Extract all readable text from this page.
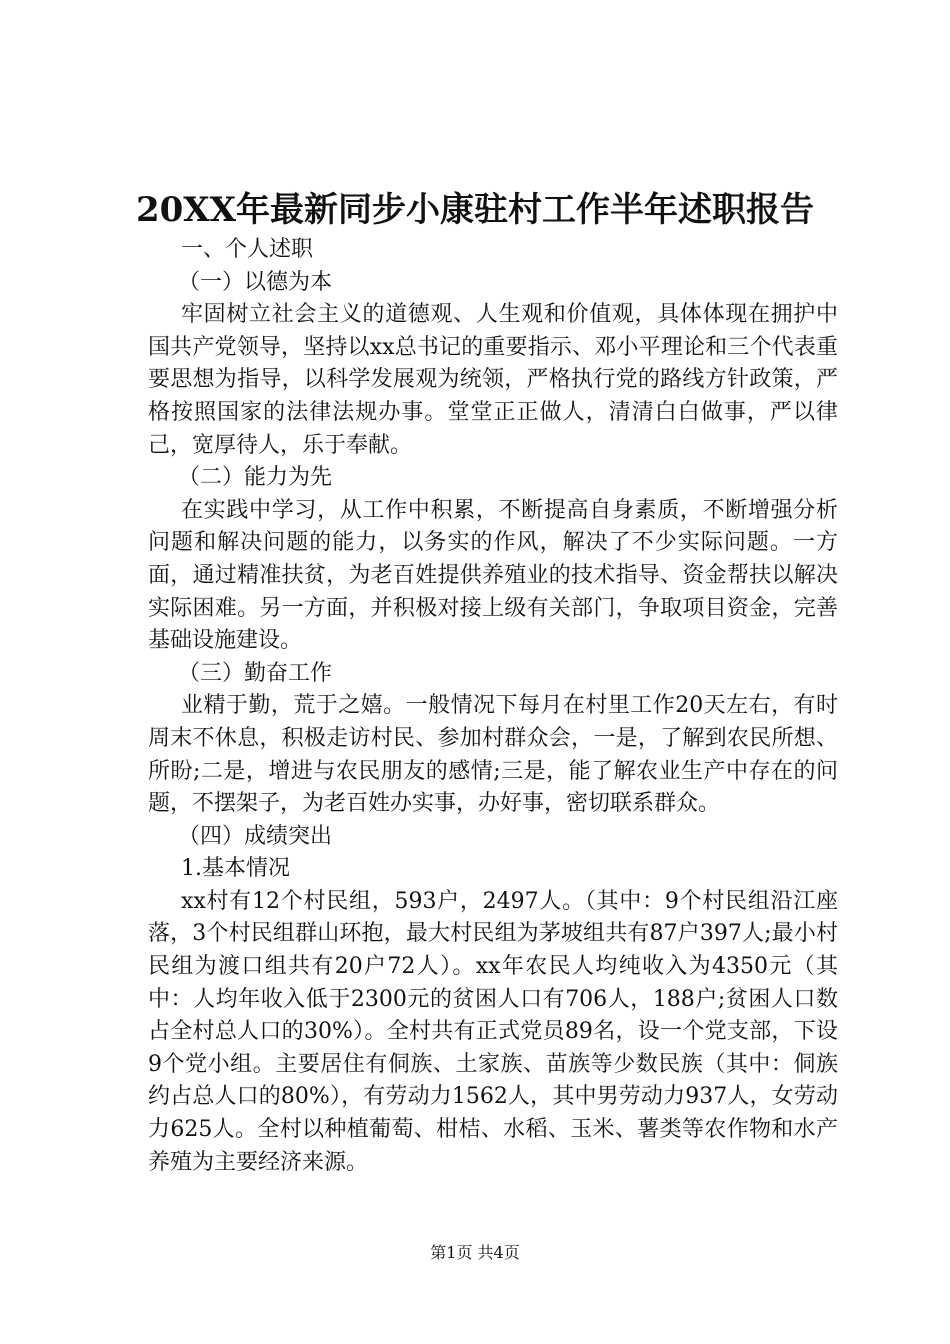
20XX年最新同步小康驻村工作半年述职报告

一、个人述职

（一）以德为本

牢固树立社会主义的道德观、人生观和价值观，具体体现在拥护中国共产党领导，坚持以xx总书记的重要指示、邓小平理论和三个代表重要思想为指导，以科学发展观为统领，严格执行党的路线方针政策，严格按照国家的法律法规办事。堂堂正正做人，清清白白做事，严以律己，宽厚待人，乐于奉献。

（二）能力为先

在实践中学习，从工作中积累，不断提高自身素质，不断增强分析问题和解决问题的能力，以务实的作风，解决了不少实际问题。一方面，通过精准扶贫，为老百姓提供养殖业的技术指导、资金帮扶以解决实际困难。另一方面，并积极对接上级有关部门，争取项目资金，完善基础设施建设。

（三）勤奋工作

业精于勤，荒于之嬉。一般情况下每月在村里工作20天左右，有时周末不休息，积极走访村民、参加村群众会，一是，了解到农民所想、所盼;二是，增进与农民朋友的感情;三是，能了解农业生产中存在的问题，不摆架子，为老百姓办实事，办好事，密切联系群众。

（四）成绩突出

1.基本情况

xx村有12个村民组，593户，2497人。（其中：9个村民组沿江座落，3个村民组群山环抱，最大村民组为茅坡组共有87户397人;最小村民组为渡口组共有20户72人）。xx年农民人均纯收入为4350元（其中：人均年收入低于2300元的贫困人口有706人，188户;贫困人口数占全村总人口的30%）。全村共有正式党员89名，设一个党支部，下设9个党小组。主要居住有侗族、土家族、苗族等少数民族（其中：侗族约占总人口的80%），有劳动力1562人，其中男劳动力937人，女劳动力625人。全村以种植葡萄、柑桔、水稻、玉米、薯类等农作物和水产养殖为主要经济来源。

第1页 共4页
